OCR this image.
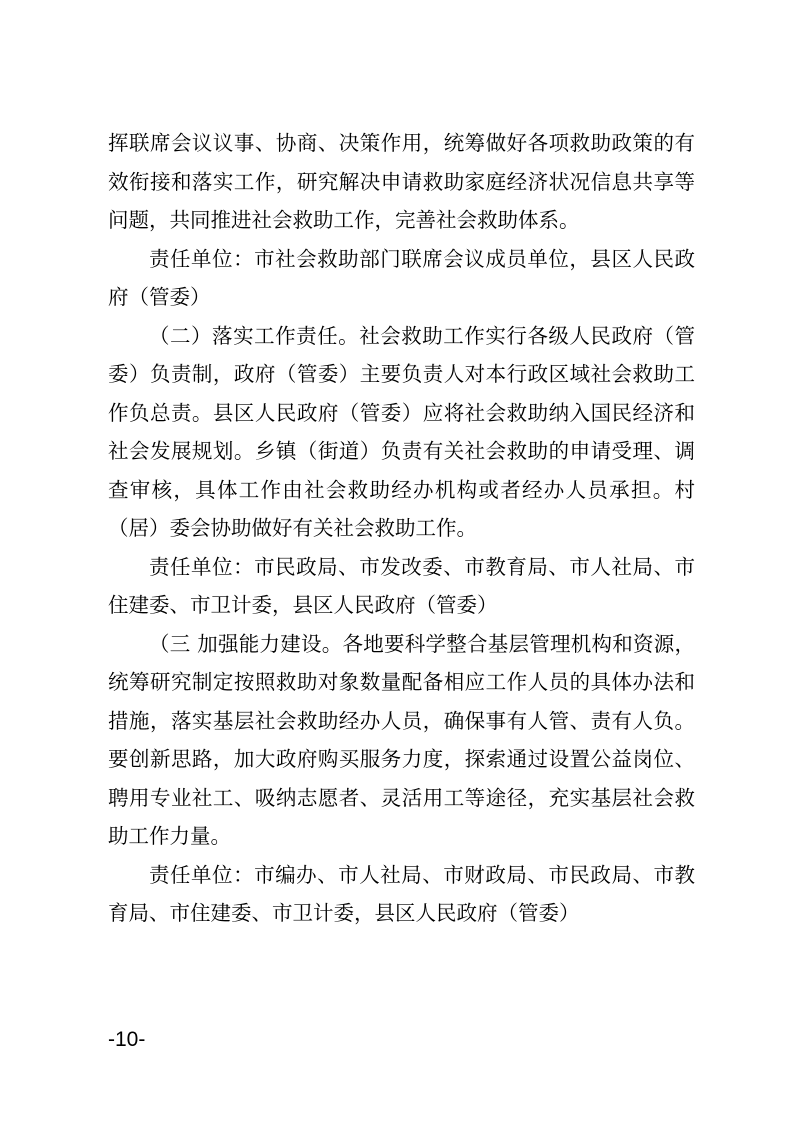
挥联席会议议事、协商、决策作用，统筹做好各项救助政策的有效衔接和落实工作，研究解决申请救助家庭经济状况信息共享等问题，共同推进社会救助工作，完善社会救助体系。

责任单位：市社会救助部门联席会议成员单位，县区人民政府（管委）

（二）落实工作责任。社会救助工作实行各级人民政府（管委）负责制，政府（管委）主要负责人对本行政区域社会救助工作负总责。县区人民政府（管委）应将社会救助纳入国民经济和社会发展规划。乡镇（街道）负责有关社会救助的申请受理、调查审核，具体工作由社会救助经办机构或者经办人员承担。村（居）委会协助做好有关社会救助工作。

责任单位：市民政局、市发改委、市教育局、市人社局、市住建委、市卫计委，县区人民政府（管委）

（三 加强能力建设。各地要科学整合基层管理机构和资源，统筹研究制定按照救助对象数量配备相应工作人员的具体办法和措施，落实基层社会救助经办人员，确保事有人管、责有人负。要创新思路，加大政府购买服务力度，探索通过设置公益岗位、聘用专业社工、吸纳志愿者、灵活用工等途径，充实基层社会救助工作力量。

责任单位：市编办、市人社局、市财政局、市民政局、市教育局、市住建委、市卫计委，县区人民政府（管委）

-10-
